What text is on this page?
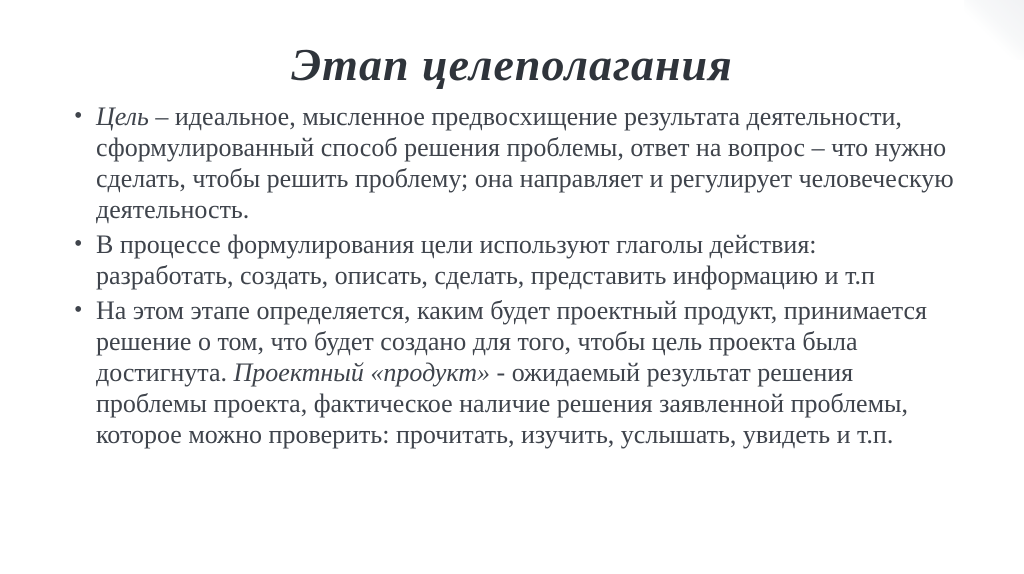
Этап целеполагания
• Цель – идеальное, мысленное предвосхищение результата деятельности, сформулированный способ решения проблемы, ответ на вопрос – что нужно сделать, чтобы решить проблему; она направляет и регулирует человеческую деятельность.
• В процессе формулирования цели используют глаголы действия: разработать, создать, описать, сделать, представить информацию и т.п
• На этом этапе определяется, каким будет проектный продукт, принимается решение о том, что будет создано для того, чтобы цель проекта была достигнута. Проектный «продукт» - ожидаемый результат решения проблемы проекта, фактическое наличие решения заявленной проблемы, которое можно проверить: прочитать, изучить, услышать, увидеть и т.п.
